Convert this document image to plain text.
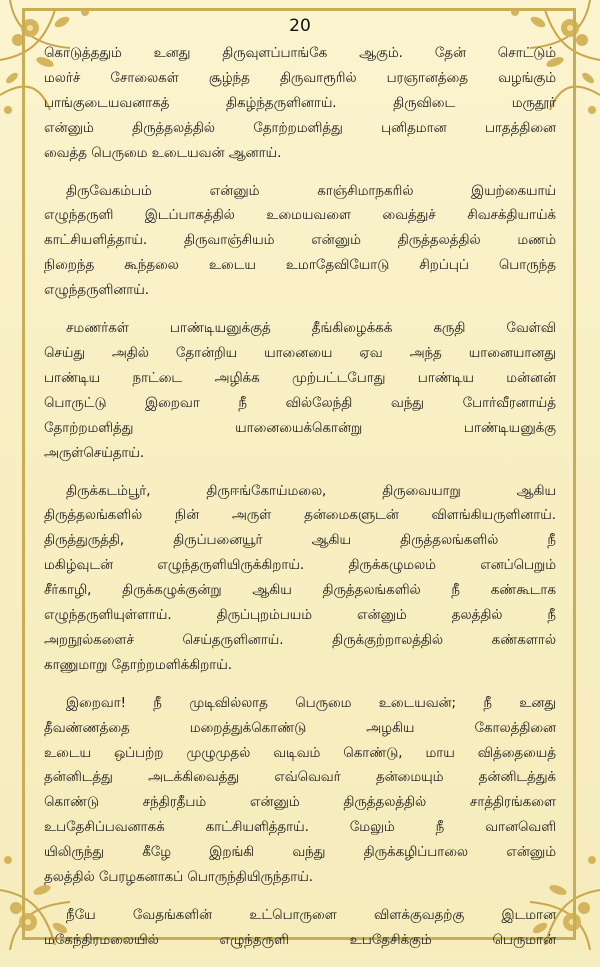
20
கொடுத்ததும் உனது திருவுளப்பாங்கே ஆகும். தேன் சொட்டும்
மலர்ச் சோலைகள் சூழ்ந்த திருவாரூரில் பரஞானத்தை வழங்கும்
பாங்குடையவனாகத் திகழ்ந்தருளினாய். திருவிடை மருதூர்
என்னும் திருத்தலத்தில் தோற்றமளித்து புனிதமான பாதத்தினை
வைத்த பெருமை உடையவன் ஆனாய்.
திருவேகம்பம் என்னும் காஞ்சிமாநகரில் இயற்கையாய்
எழுந்தருளி இடப்பாகத்தில் உமையவளை வைத்துச் சிவசக்தியாய்க்
காட்சியளித்தாய். திருவாஞ்சியம் என்னும் திருத்தலத்தில் மணம்
நிறைந்த கூந்தலை உடைய உமாதேவியோடு சிறப்புப் பொருந்த
எழுந்தருளினாய்.
சமணர்கள் பாண்டியனுக்குத் தீங்கிழைக்கக் கருதி வேள்வி
செய்து அதில் தோன்றிய யானையை ஏவ அந்த யானையானது
பாண்டிய நாட்டை அழிக்க முற்பட்டபோது பாண்டிய மன்னன்
பொருட்டு இறைவா நீ வில்லேந்தி வந்து போர்வீரனாய்த்
தோற்றமளித்து யானையைக்கொன்று பாண்டியனுக்கு
அருள்செய்தாய்.
திருக்கடம்பூர், திருஈங்கோய்மலை, திருவையாறு ஆகிய
திருத்தலங்களில் நின் அருள் தன்மைகளுடன் விளங்கியருளினாய்.
திருத்துருத்தி, திருப்பனையூர் ஆகிய திருத்தலங்களில் நீ
மகிழ்வுடன் எழுந்தருளியிருக்கிறாய். திருக்கழுமலம் எனப்பெறும்
சீர்காழி, திருக்கழுக்குன்று ஆகிய திருத்தலங்களில் நீ கண்கூடாக
எழுந்தருளியுள்ளாய். திருப்புறம்பயம் என்னும் தலத்தில் நீ
அறநூல்களைச் செய்தருளினாய். திருக்குற்றாலத்தில் கண்களால்
காணுமாறு தோற்றமளிக்கிறாய்.
இறைவா! நீ முடிவில்லாத பெருமை உடையவன்; நீ உனது
தீவண்ணத்தை மறைத்துக்கொண்டு அழகிய கோலத்தினை
உடைய ஒப்பற்ற முழுமுதல் வடிவம் கொண்டு, மாய வித்தையைத்
தன்னிடத்து அடக்கிவைத்து எவ்வெவர் தன்மையும் தன்னிடத்துக்
கொண்டு சந்திரதீபம் என்னும் திருத்தலத்தில் சாத்திரங்களை
உபதேசிப்பவனாகக் காட்சியளித்தாய். மேலும் நீ வானவெளி
யிலிருந்து கீழே இறங்கி வந்து திருக்கழிப்பாலை என்னும்
தலத்தில் பேரழகனாகப் பொருந்தியிருந்தாய்.
நீயே வேதங்களின் உட்பொருளை விளக்குவதற்கு இடமான
மகேந்திரமலையில் எழுந்தருளி உபதேசிக்கும் பெருமான்
